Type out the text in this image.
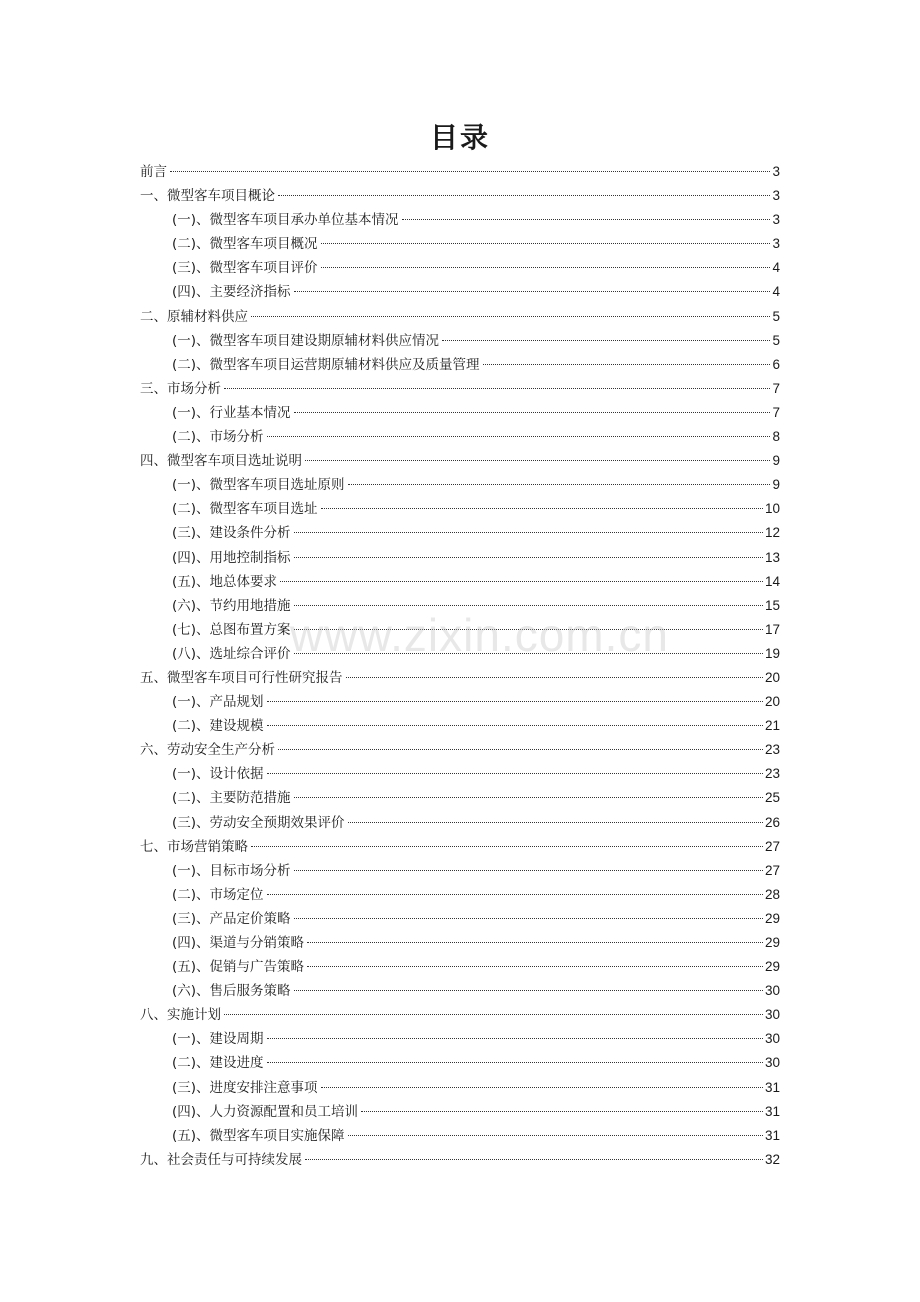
目录
前言	3
一、微型客车项目概论	3
(一)、微型客车项目承办单位基本情况	3
(二)、微型客车项目概况	3
(三)、微型客车项目评价	4
(四)、主要经济指标	4
二、原辅材料供应	5
(一)、微型客车项目建设期原辅材料供应情况	5
(二)、微型客车项目运营期原辅材料供应及质量管理	6
三、市场分析	7
(一)、行业基本情况	7
(二)、市场分析	8
四、微型客车项目选址说明	9
(一)、微型客车项目选址原则	9
(二)、微型客车项目选址	10
(三)、建设条件分析	12
(四)、用地控制指标	13
(五)、地总体要求	14
(六)、节约用地措施	15
(七)、总图布置方案	17
(八)、选址综合评价	19
五、微型客车项目可行性研究报告	20
(一)、产品规划	20
(二)、建设规模	21
六、劳动安全生产分析	23
(一)、设计依据	23
(二)、主要防范措施	25
(三)、劳动安全预期效果评价	26
七、市场营销策略	27
(一)、目标市场分析	27
(二)、市场定位	28
(三)、产品定价策略	29
(四)、渠道与分销策略	29
(五)、促销与广告策略	29
(六)、售后服务策略	30
八、实施计划	30
(一)、建设周期	30
(二)、建设进度	30
(三)、进度安排注意事项	31
(四)、人力资源配置和员工培训	31
(五)、微型客车项目实施保障	31
九、社会责任与可持续发展	32
www.zixin.com.cn
